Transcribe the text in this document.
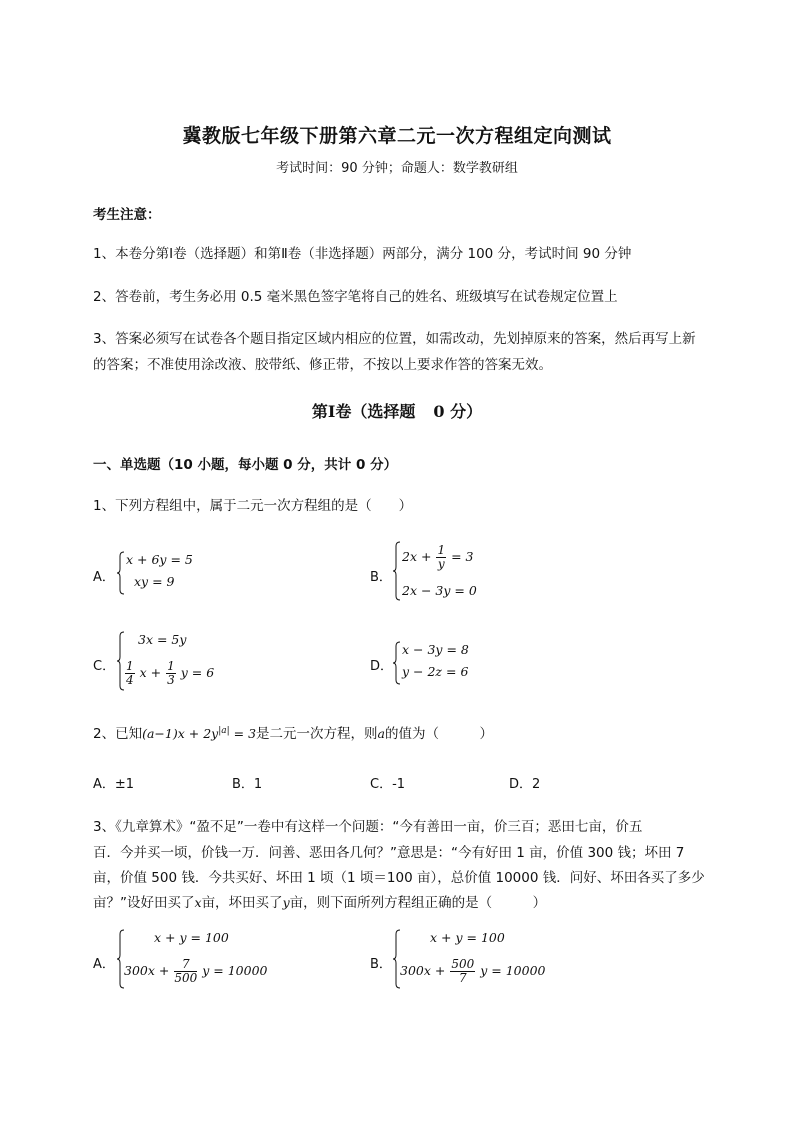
冀教版七年级下册第六章二元一次方程组定向测试
考试时间：90 分钟；命题人：数学教研组
考生注意：
1、本卷分第Ⅰ卷（选择题）和第Ⅱ卷（非选择题）两部分，满分 100 分，考试时间 90 分钟
2、答卷前，考生务必用 0.5 毫米黑色签字笔将自己的姓名、班级填写在试卷规定位置上
3、答案必须写在试卷各个题目指定区域内相应的位置，如需改动，先划掉原来的答案，然后再写上新
的答案；不准使用涂改液、胶带纸、修正带，不按以上要求作答的答案无效。
第Ⅰ卷（选择题 0 分）
一、单选题（10 小题，每小题 0 分，共计 0 分）
1、下列方程组中，属于二元一次方程组的是（　　）
A．
x + 6y = 5
xy = 9	B．
$2x + \frac{1}{y} = 3$
2x − 3y = 0
C．
3x = 5y
$\frac{1}{4}$ $x + \frac{1}{3}$ y = 6	D．
x − 3y = 8
y − 2z = 6
2、已知$(a-1)x + 2y^{|a|} = 3$是二元一次方程，则a的值为（　　　）
A．±1	B．1	C．-1	D．2
3、《九章算术》“盈不足”一卷中有这样一个问题：“今有善田一亩，价三百；恶田七亩，价五
百．今并买一顷，价钱一万．问善、恶田各几何？”意思是：“今有好田 1 亩，价值 300 钱；坏田 7
亩，价值 500 钱．今共买好、坏田 1 顷（1 顷＝100 亩），总价值 10000 钱．问好、坏田各买了多少
亩？”设好田买了x亩，坏田买了y亩，则下面所列方程组正确的是（　　　）
A．
x + y = 100
$300x + \frac{7}{500}$ y = 10000	B．
x + y = 100
$300x + \frac{500}{7}$ y = 10000
